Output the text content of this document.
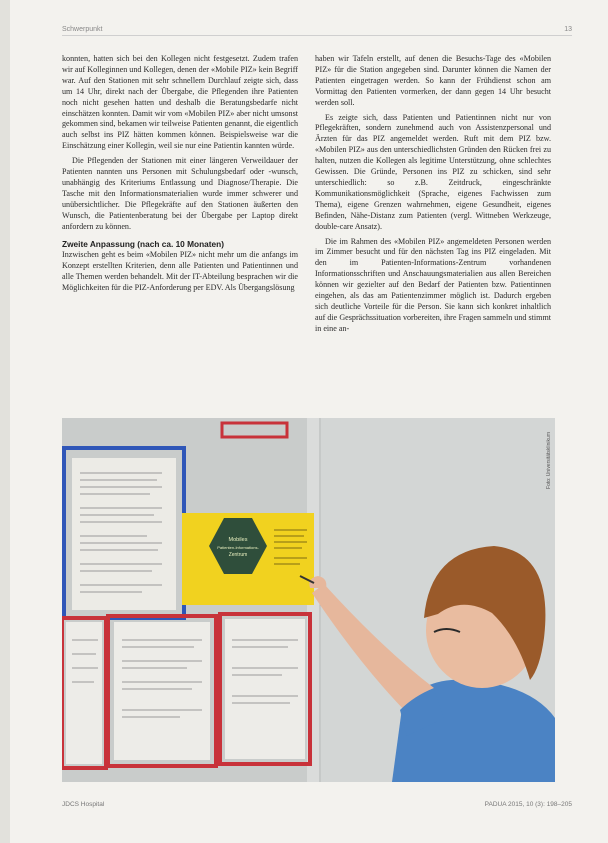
Schwerpunkt	13

konnten, hatten sich bei den Kollegen nicht festgesetzt. Zudem trafen wir auf Kolleginnen und Kollegen, denen der «Mobile PIZ» kein Begriff war. Auf den Stationen mit sehr schnellem Durchlauf zeigte sich, dass um 14 Uhr, direkt nach der Übergabe, die Pflegenden ihre Patienten noch nicht gesehen hatten und deshalb die Beratungsbedarfe nicht einschätzen konnten. Damit wir vom «Mobilen PIZ» aber nicht umsonst gekommen sind, bekamen wir teilweise Patienten genannt, die eigentlich auch selbst ins PIZ hätten kommen können. Beispielsweise war die Einschätzung einer Kollegin, weil sie nur eine Patientin kannten würde.

Die Pflegenden der Stationen mit einer längeren Verweildauer der Patienten nannten uns Personen mit Schulungsbedarf oder -wunsch, unabhängig des Kriteriums Entlassung und Diagnose/Therapie. Die Tasche mit den Informationsmaterialien wurde immer schwerer und unübersichtlicher. Die Pflegekräfte auf den Stationen äußerten den Wunsch, die Patientenberatung bei der Übergabe per Laptop direkt anfordern zu können.

Zweite Anpassung (nach ca. 10 Monaten)

Inzwischen geht es beim «Mobilen PIZ» nicht mehr um die anfangs im Konzept erstellten Kriterien, denn alle Patienten und Patientinnen und alle Themen werden behandelt. Mit der IT-Abteilung besprachen wir die Möglichkeiten für die PIZ-Anforderung per EDV. Als Übergangslösung

haben wir Tafeln erstellt, auf denen die Besuchs-Tage des «Mobilen PIZ» für die Station angegeben sind. Darunter können die Namen der Patienten eingetragen werden. So kann der Frühdienst schon am Vormittag den Patienten vormerken, der dann gegen 14 Uhr besucht werden soll.

Es zeigte sich, dass Patienten und Patientinnen nicht nur von Pflegekräften, sondern zunehmend auch von Assistenzpersonal und Ärzten für das PIZ angemeldet werden. Ruft mit dem PIZ bzw. «Mobilen PIZ» aus den unterschiedlichsten Gründen den Rücken frei zu halten, nutzen die Kollegen als legitime Unterstützung, ohne schlechtes Gewissen. Die Gründe, Personen ins PIZ zu schicken, sind sehr unterschiedlich: so z.B. Zeitdruck, eingeschränkte Kommunikationsmöglichkeit (Sprache, eigenes Fachwissen zum Thema), eigene Grenzen wahrnehmen, eigene Gesundheit, eigenes Befinden, Nähe-Distanz zum Patienten (vergl. Wittneben Werkzeuge, double-care Ansatz).

Die im Rahmen des «Mobilen PIZ» angemeldeten Personen werden im Zimmer besucht und für den nächsten Tag ins PIZ eingeladen. Mit den im Patienten-Informations-Zentrum vorhandenen Informationsschriften und Anschauungsmaterialien aus allen Bereichen können wir gezielter auf den Bedarf der Patienten bzw. Patientinnen eingehen, als das am Patientenzimmer möglich ist. Dadurch ergeben sich deutliche Vorteile für die Person. Sie kann sich konkret inhaltlich auf die Gesprächssituation vorbereiten, ihre Fragen sammeln und stimmt in eine an-

Mobiles
Patienten-Informations-
Zentrum
Foto: Universitätsklinikum
JDCS Hospital	PADUA 2015, 10 (3): 198–205
